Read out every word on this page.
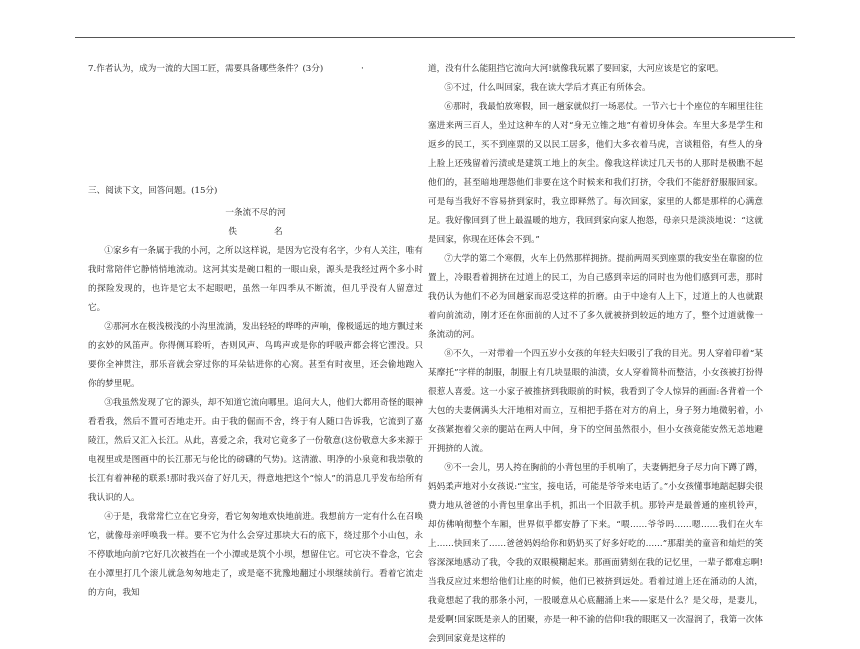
7.作者认为，成为一流的大国工匠，需要具备哪些条件？(3分)

三、阅读下文，回答问题。(15分)

一条流不尽的河

佚 名

①家乡有一条属于我的小河，之所以这样说，是因为它没有名字，少有人关注，唯有我时常陪伴它静悄悄地流动。这河其实是碗口粗的一眼山泉，源头是我经过两个多小时的探险发现的，也许是它太不起眼吧，虽然一年四季从不断流，但几乎没有人留意过它。

②那河水在极浅极浅的小沟里流淌，发出轻轻的哗哗的声响，像极遥远的地方飘过来的玄妙的风笛声。你得侧耳聆听，杏则风声、鸟鸣声或是你的呼吸声都会将它湮没。只要你全神贯注，那乐音就会穿过你的耳朵钻进你的心窝。甚至有时夜里，还会偷地跑入你的梦里呢。

③我虽然发现了它的源头，却不知道它流向哪里。追问大人，他们大都用奇怪的眼神看看我，然后不置可否地走开。由于我的倔而不舍，终于有人随口告诉我，它流到了嘉陵江，然后又汇入长江。从此，喜爱之余，我对它竟多了一份敬意(这份敬意大多来源于电视里或是图画中的长江那无与伦比的磅礴的气势)。这清澈、明净的小泉竟和我崇敬的长江有着神秘的联系!那时我兴奋了好几天，得意地把这个“惊人”的消息几乎发布给所有我认识的人。

④于是，我常常伫立在它身旁，看它匆匆地欢快地前进。我想前方一定有什么在召唤它，就像母亲呼唤我一样。要不它为什么会穿过那块大石的底下，绕过那个小山包，永不停歇地向前?它好几次被挡在一个小潭或是筑个小坝，想留住它。可它决不眷念，它会在小潭里打几个滚儿就急匆匆地走了，或是毫不犹豫地翻过小坝继续前行。看着它流走的方向，我知

·	道，没有什么能阻挡它流向大河!就像我玩累了要回家，大河应该是它的家吧。

⑤不过，什么叫回家，我在读大学后才真正有所体会。

⑥那时，我最怕放寒假，回一趟家就似打一场恶仗。一节六七十个座位的车厢里往往塞进来两三百人，坐过这种车的人对“身无立锥之地”有着切身体会。车里大多是学生和返乡的民工，买不到座票的又以民工居多，他们大多衣着马虎，言谈粗俗，有些人的身上脸上还残留着污渍或是建筑工地上的灰尘。像我这样读过几天书的人那时是极瞧不起他们的，甚至暗地理怨他们非要在这个时候来和我们打挤，令我们不能舒舒服服回家。可是每当我好不容易挤到家时，我立即释然了。每次回家，家里的人都是那样的心满意足。我好像回到了世上最温暖的地方，我回到家向家人抱怨，母亲只是淡淡地说：“这就是回家，你现在还体会不到。”

⑦大学的第二个寒假，火车上仍然那样拥挤。提前两周买到座票的我安坐在靠窗的位置上，冷眼看着拥挤在过道上的民工，为自己感到幸运的同时也为他们感到可悲，那时我仍认为他们不必为回趟家而忍受这样的折磨。由于中途有人上下，过道上的人也就跟着向前流动，刚才还在你面前的人过不了多久就被挤到较远的地方了，整个过道就像一条流动的河。

⑧不久，一对带着一个四五岁小女孩的年轻夫妇吸引了我的目光。男人穿着印着“某某摩托”字样的制服，制服上有几块显眼的油渍，女人穿着简朴而整洁，小女孩被打扮得很惹人喜爱。这一小家子被推挤到我眼前的时候，我看到了令人惊异的画面:各背着一个大包的夫妻俩满头大汗地相对而立，互相把手搭在对方的肩上，身子努力地微躬着，小女孩紧抱着父亲的腿站在两人中间，身下的空间虽然很小，但小女孩竟能安然无恙地避开拥挤的人流。

⑨不一会儿，男人挎在胸前的小背包里的手机响了，夫妻俩把身子尽力向下蹲了蹲，妈妈柔声地对小女孩说:“宝宝，接电话，可能是爷爷来电话了。”小女孩懂事地踮起脚尖很费力地从爸爸的小背包里拿出手机，抓出一个旧款手机。那铃声是最普通的座机铃声，却仿佛响彻整个车厢，世界似乎都安静了下来。“喂……爷爷吗……嗯……我们在火车上……快回来了……爸爸妈妈给你和奶奶买了好多好吃的……”那甜美的童音和灿烂的笑容深深地感动了我，令我的双眼模糊起来。那画面猜刻在我的记忆里，一辈子都难忘啊!当我反应过来想给他们让座的时候，他们已被挤到远处。看着过道上还在涌动的人流，我竟想起了我的那条小河，一股暖意从心底翻涌上来——家是什么？是父母，是妻儿，是爱啊!回家既是亲人的团聚，亦是一种不渝的信仰!我的眼眶又一次湿润了，我第一次体会到回家竟是这样的
